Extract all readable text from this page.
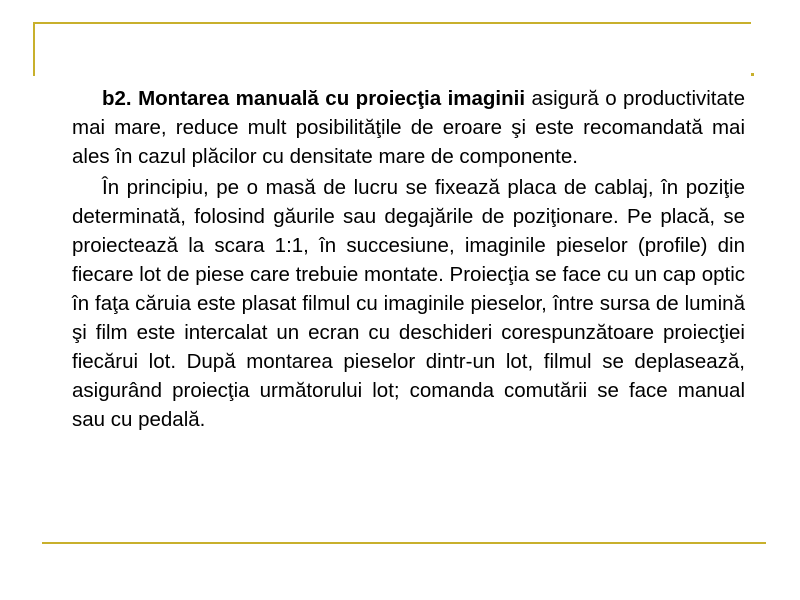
b2. Montarea manuală cu proiecţia imaginii asigură o productivitate mai mare, reduce mult posibilităţile de eroare şi este recomandată mai ales în cazul plăcilor cu densitate mare de componente.

În principiu, pe o masă de lucru se fixează placa de cablaj, în poziţie determinată, folosind găurile sau degajările de poziţionare. Pe placă, se proiectează la scara 1:1, în succesiune, imaginile pieselor (profile) din fiecare lot de piese care trebuie montate. Proiecţia se face cu un cap optic în faţa căruia este plasat filmul cu imaginile pieselor, între sursa de lumină şi film este intercalat un ecran cu deschideri corespunzătoare proiecţiei fiecărui lot. După montarea pieselor dintr-un lot, filmul se deplasează, asigurând proiecţia următorului lot; comanda comutării se face manual sau cu pedală.
